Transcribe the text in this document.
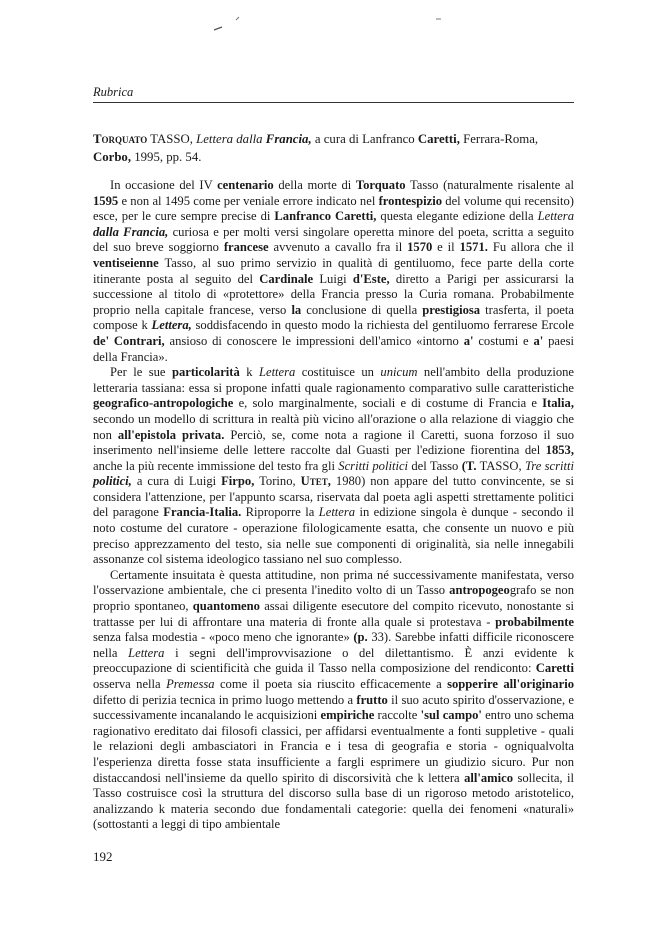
Rubrica
Torquato TASSO, Lettera dalla Francia, a cura di Lanfranco Caretti, Ferrara-Roma, Corbo, 1995, pp. 54.

In occasione del IV centenario della morte di Torquato Tasso (naturalmente risalente al 1595 e non al 1495 come per veniale errore indicato nel frontespizio del volume qui recensito) esce, per le cure sempre precise di Lanfranco Caretti, questa elegante edizione della Lettera dalla Francia, curiosa e per molti versi singolare operetta minore del poeta, scritta a seguito del suo breve soggiorno francese avvenuto a cavallo fra il 1570 e il 1571. Fu allora che il ventiseienne Tasso, al suo primo servizio in qualità di gentiluomo, fece parte della corte itinerante posta al seguito del Cardinale Luigi d'Este, diretto a Parigi per assicurarsi la successione al titolo di «protettore» della Francia presso la Curia romana. Probabilmente proprio nella capitale francese, verso la conclusione di quella prestigiosa trasferta, il poeta compose k Lettera, soddisfacendo in questo modo la richiesta del gentiluomo ferrarese Ercole de' Contrari, ansioso di conoscere le impressioni dell'amico «intorno a' costumi e a' paesi della Francia».

Per le sue particolarità k Lettera costituisce un unicum nell'ambito della produzione letteraria tassiana: essa si propone infatti quale ragionamento comparativo sulle caratteristiche geografico-antropologiche e, solo marginalmente, sociali e di costume di Francia e Italia, secondo un modello di scrittura in realtà più vicino all'orazione o alla relazione di viaggio che non all'epistola privata. Perciò, se, come nota a ragione il Caretti, suona forzoso il suo inserimento nell'insieme delle lettere raccolte dal Guasti per l'edizione fiorentina del 1853, anche la più recente immissione del testo fra gli Scritti politici del Tasso (T. TASSO, Tre scritti politici, a cura di Luigi Firpo, Torino, Utet, 1980) non appare del tutto convincente, se si considera l'attenzione, per l'appunto scarsa, riservata dal poeta agli aspetti strettamente politici del paragone Francia-Italia. Riproporre la Lettera in edizione singola è dunque - secondo il noto costume del curatore - operazione filologicamente esatta, che consente un nuovo e più preciso apprezzamento del testo, sia nelle sue componenti di originalità, sia nelle innegabili assonanze col sistema ideologico tassiano nel suo complesso.

Certamente insuitata è questa attitudine, non prima né successivamente manifestata, verso l'osservazione ambientale, che ci presenta l'inedito volto di un Tasso antropogeografo se non proprio spontaneo, quantomeno assai diligente esecutore del compito ricevuto, nonostante si trattasse per lui di affrontare una materia di fronte alla quale si protestava - probabilmente senza falsa modestia - «poco meno che ignorante» (p. 33). Sarebbe infatti difficile riconoscere nella Lettera i segni dell'improvvisazione o del dilettantismo. È anzi evidente k preoccupazione di scientificità che guida il Tasso nella composizione del rendiconto: Caretti osserva nella Premessa come il poeta sia riuscito efficacemente a sopperire all'originario difetto di perizia tecnica in primo luogo mettendo a frutto il suo acuto spirito d'osservazione, e successivamente incanalando le acquisizioni empiriche raccolte 'sul campo' entro uno schema ragionativo ereditato dai filosofi classici, per affidarsi eventualmente a fonti suppletive - quali le relazioni degli ambasciatori in Francia e i tesa di geografia e storia - ogniqualvolta l'esperienza diretta fosse stata insufficiente a fargli esprimere un giudizio sicuro. Pur non distaccandosi nell'insieme da quello spirito di discorsività che k lettera all'amico sollecita, il Tasso costruisce così la struttura del discorso sulla base di un rigoroso metodo aristotelico, analizzando k materia secondo due fondamentali categorie: quella dei fenomeni «naturali» (sottostanti a leggi di tipo ambientale

192
